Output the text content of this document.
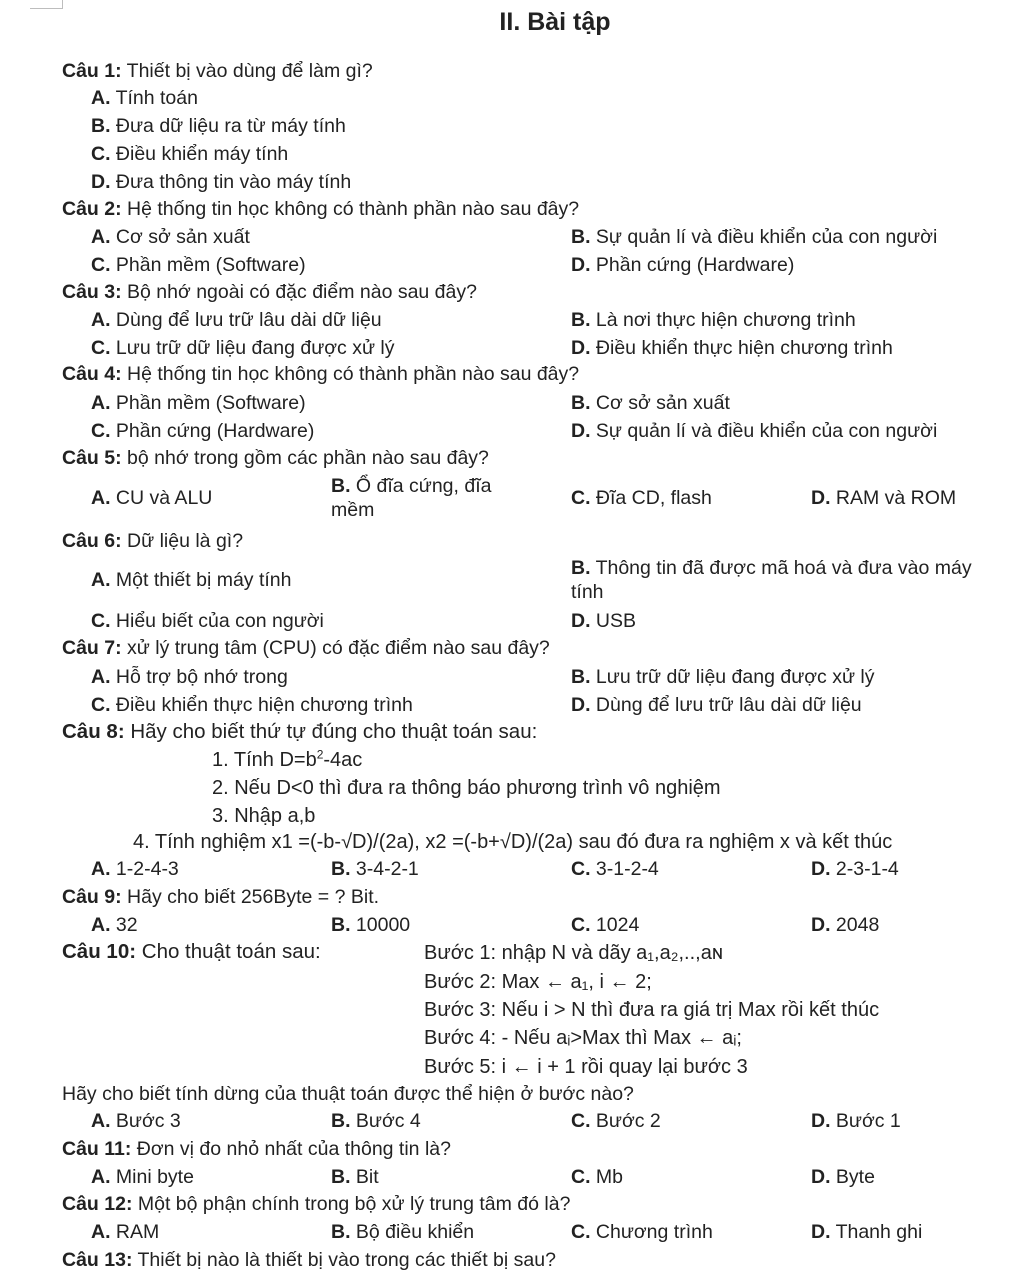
II. Bài tập
Câu 1: Thiết bị vào dùng để làm gì?
A. Tính toán
B. Đưa dữ liệu ra từ máy tính
C. Điều khiển máy tính
D. Đưa thông tin vào máy tính
Câu 2: Hệ thống tin học không có thành phần nào sau đây?
A. Cơ sở sản xuất	B. Sự quản lí và điều khiển của con người
C. Phần mềm (Software)	D. Phần cứng (Hardware)
Câu 3: Bộ nhớ ngoài có đặc điểm nào sau đây?
A. Dùng để lưu trữ lâu dài dữ liệu	B. Là nơi thực hiện chương trình
C. Lưu trữ dữ liệu đang được xử lý	D. Điều khiển thực hiện chương trình
Câu 4: Hệ thống tin học không có thành phần nào sau đây?
A. Phần mềm (Software)	B. Cơ sở sản xuất
C. Phần cứng (Hardware)	D. Sự quản lí và điều khiển của con người
Câu 5: bộ nhớ trong gồm các phần nào sau đây?
A. CU và ALU
B. Ổ đĩa cứng, đĩa mềm
C. Đĩa CD, flash	D. RAM và ROM
Câu 6: Dữ liệu là gì?
A. Một thiết bị máy tính
B. Thông tin đã được mã hoá và đưa vào máy tính
C. Hiểu biết của con người	D. USB
Câu 7: xử lý trung tâm (CPU) có đặc điểm nào sau đây?
A. Hỗ trợ bộ nhớ trong	B. Lưu trữ dữ liệu đang được xử lý
C. Điều khiển thực hiện chương trình	D. Dùng để lưu trữ lâu dài dữ liệu
Câu 8: Hãy cho biết thứ tự đúng cho thuật toán sau:
1. Tính $D=b^2-4ac$
2. Nếu D<0 thì đưa ra thông báo phương trình vô nghiệm
3. Nhập a,b
4. Tính nghiệm x1 =(-b-√D)/(2a), x2 =(-b+√D)/(2a) sau đó đưa ra nghiệm x và kết thúc
A. 1-2-4-3	B. 3-4-2-1	C. 3-1-2-4	D. 2-3-1-4
Câu 9: Hãy cho biết 256Byte = ? Bit.
A. 32	B. 10000	C. 1024	D. 2048
Câu 10: Cho thuật toán sau:	Bước 1: nhập N và dãy a₁,a₂,..,aɴ
Bước 2: Max ← a₁, i ← 2;
Bước 3: Nếu i > N thì đưa ra giá trị Max rồi kết thúc
Bước 4: - Nếu aᵢ>Max thì Max ← aᵢ;
Bước 5: i ← i + 1 rồi quay lại bước 3
Hãy cho biết tính dừng của thuật toán được thể hiện ở bước nào?
A. Bước 3	B. Bước 4	C. Bước 2	D. Bước 1
Câu 11: Đơn vị đo nhỏ nhất của thông tin là?
A. Mini byte	B. Bit	C. Mb	D. Byte
Câu 12: Một bộ phận chính trong bộ xử lý trung tâm đó là?
A. RAM	B. Bộ điều khiển	C. Chương trình	D. Thanh ghi
Câu 13: Thiết bị nào là thiết bị vào trong các thiết bị sau?
